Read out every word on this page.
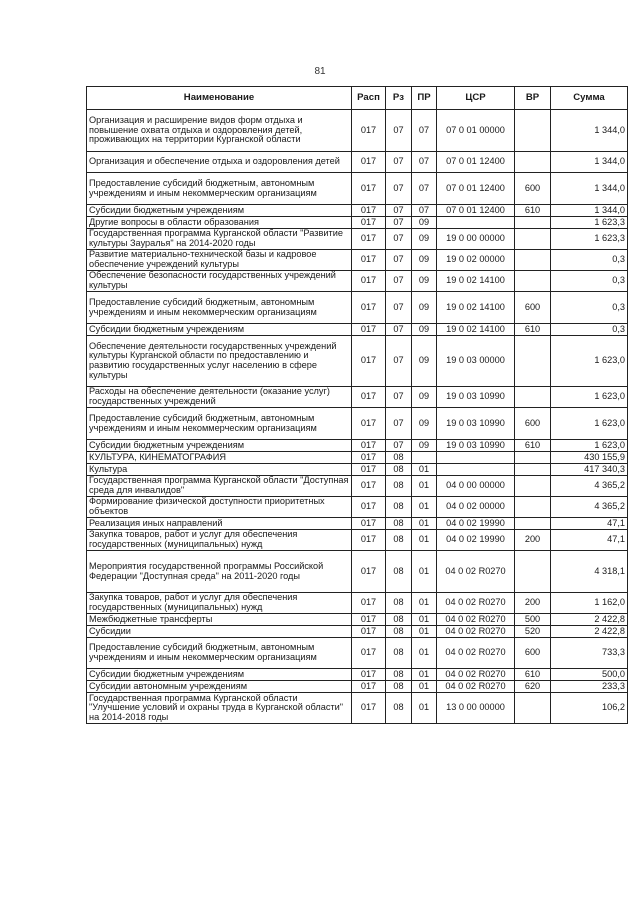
81
Наименование	Расп	Рз	ПР	ЦСР	ВР	Сумма
Организация и расширение видов форм отдыха и повышение охвата отдыха и оздоровления детей, проживающих на территории Курганской области	017	07	07	07 0 01 00000		1 344,0
Организация и обеспечение отдыха и оздоровления детей	017	07	07	07 0 01 12400		1 344,0
Предоставление субсидий бюджетным, автономным учреждениям и иным некоммерческим организациям	017	07	07	07 0 01 12400	600	1 344,0
Субсидии бюджетным учреждениям	017	07	07	07 0 01 12400	610	1 344,0
Другие вопросы в области образования	017	07	09			1 623,3
Государственная программа Курганской области "Развитие культуры Зауралья" на 2014-2020 годы	017	07	09	19 0 00 00000		1 623,3
Развитие материально-технической базы и кадровое обеспечение учреждений культуры	017	07	09	19 0 02 00000		0,3
Обеспечение безопасности государственных учреждений культуры	017	07	09	19 0 02 14100		0,3
Предоставление субсидий бюджетным, автономным учреждениям и иным некоммерческим организациям	017	07	09	19 0 02 14100	600	0,3
Субсидии бюджетным учреждениям	017	07	09	19 0 02 14100	610	0,3
Обеспечение деятельности государственных учреждений культуры Курганской области по предоставлению и развитию государственных услуг населению в сфере культуры	017	07	09	19 0 03 00000		1 623,0
Расходы на обеспечение деятельности (оказание услуг) государственных учреждений	017	07	09	19 0 03 10990		1 623,0
Предоставление субсидий бюджетным, автономным учреждениям и иным некоммерческим организациям	017	07	09	19 0 03 10990	600	1 623,0
Субсидии бюджетным учреждениям	017	07	09	19 0 03 10990	610	1 623,0
КУЛЬТУРА, КИНЕМАТОГРАФИЯ	017	08				430 155,9
Культура	017	08	01			417 340,3
Государственная программа Курганской области "Доступная среда для инвалидов"	017	08	01	04 0 00 00000		4 365,2
Формирование физической доступности приоритетных объектов	017	08	01	04 0 02 00000		4 365,2
Реализация иных направлений	017	08	01	04 0 02 19990		47,1
Закупка товаров, работ и услуг для обеспечения государственных (муниципальных) нужд	017	08	01	04 0 02 19990	200	47,1
Мероприятия государственной программы Российской Федерации "Доступная среда" на 2011-2020 годы	017	08	01	04 0 02 R0270		4 318,1
Закупка товаров, работ и услуг для обеспечения государственных (муниципальных) нужд	017	08	01	04 0 02 R0270	200	1 162,0
Межбюджетные трансферты	017	08	01	04 0 02 R0270	500	2 422,8
Субсидии	017	08	01	04 0 02 R0270	520	2 422,8
Предоставление субсидий бюджетным, автономным учреждениям и иным некоммерческим организациям	017	08	01	04 0 02 R0270	600	733,3
Субсидии бюджетным учреждениям	017	08	01	04 0 02 R0270	610	500,0
Субсидии автономным учреждениям	017	08	01	04 0 02 R0270	620	233,3
Государственная программа Курганской области "Улучшение условий и охраны труда в Курганской области" на 2014-2018 годы	017	08	01	13 0 00 00000		106,2
